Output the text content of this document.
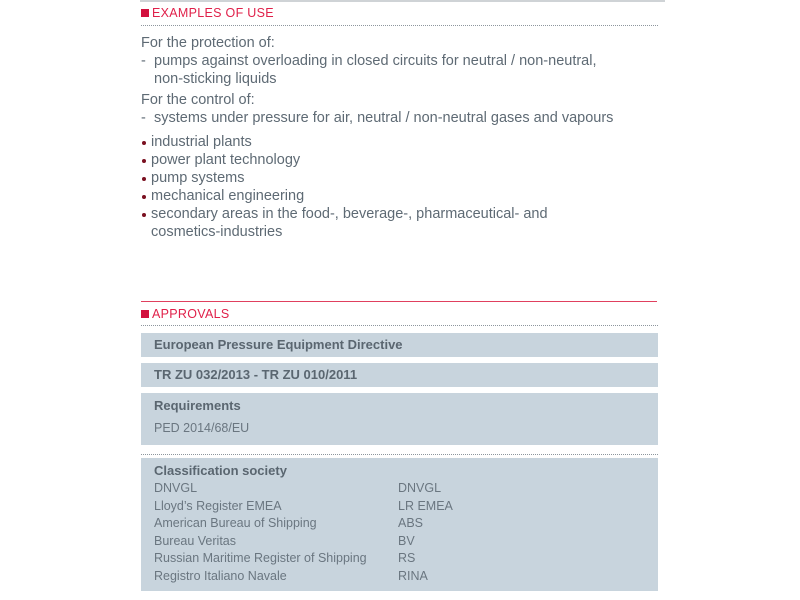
EXAMPLES OF USE
For the protection of:
- pumps against overloading in closed circuits for neutral / non-neutral,
non-sticking liquids
For the control of:
- systems under pressure for air, neutral / non-neutral gases and vapours
industrial plants
power plant technology
pump systems
mechanical engineering
secondary areas in the food-, beverage-, pharmaceutical- and
cosmetics-industries
APPROVALS
European Pressure Equipment Directive
TR ZU 032/2013 - TR ZU 010/2011
Requirements
PED 2014/68/EU
Classification society
DNVGL	DNVGL
Lloyd’s Register EMEA	LR EMEA
American Bureau of Shipping	ABS
Bureau Veritas	BV
Russian Maritime Register of Shipping	RS
Registro Italiano Navale	RINA
